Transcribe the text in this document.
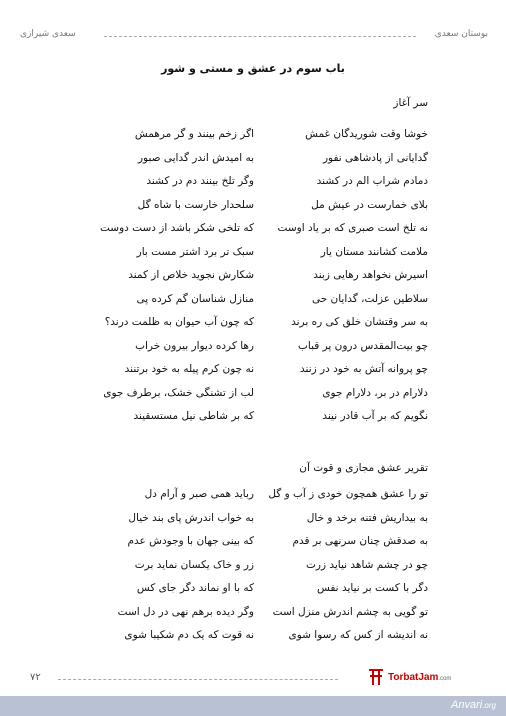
بوستان سعدی
سعدی شیرازی
باب سوم در عشق و مستی و شور
سر آغاز
خوشا وقت شوریدگان غمش
اگر زخم بینند و گر مرهمش
گدایانی از پادشاهی نفور
به امیدش اندر گدایی صبور
دمادم شراب الم در کشند
وگر تلخ بینند دم در کشند
بلای خمارست در عیش مل
سلحدار خارست با شاه گل
نه تلخ است صبری که بر یاد اوست
که تلخی شکر باشد از دست دوست
ملامت کشانند مستان یار
سبک تر برد اشتر مست بار
اسیرش نخواهد رهایی زبند
شکارش نجوید خلاص از کمند
سلاطین عزلت، گدایان حی
منازل شناسان گم کرده پی
به سر وقتشان خلق کی ره برند
که چون آب حیوان به ظلمت درند؟
چو بیت‌المقدس درون پر قباب
رها کرده دیوار بیرون خراب
چو پروانه آتش به خود در زنند
نه چون کرم پیله به خود برتنند
دلارام در بر، دلارام جوی
لب از تشنگی خشک، برطرف جوی
نگویم که بر آب قادر نیند
که بر شاطی نیل مستسقیند
تقریر عشق مجازی و قوت آن
تو را عشق همچون خودی ز آب و گل
رباید همی صبر و آرام دل
به بیداریش فتنه برخد و خال
به خواب اندرش پای بند خیال
به صدقش چنان سرنهی بر قدم
که بینی جهان با وجودش عدم
چو در چشم شاهد نیاید زرت
زر و خاک یکسان نماید برت
دگر با کست بر نیاید نفس
که با او نماند دگر جای کس
تو گویی به چشم اندرش منزل است
وگر دیده برهم نهی در دل است
نه اندیشه از کس که رسوا شوی
نه قوت که یک دم شکیبا شوی
٧٢	TorbatJam.com
Anvari.org
